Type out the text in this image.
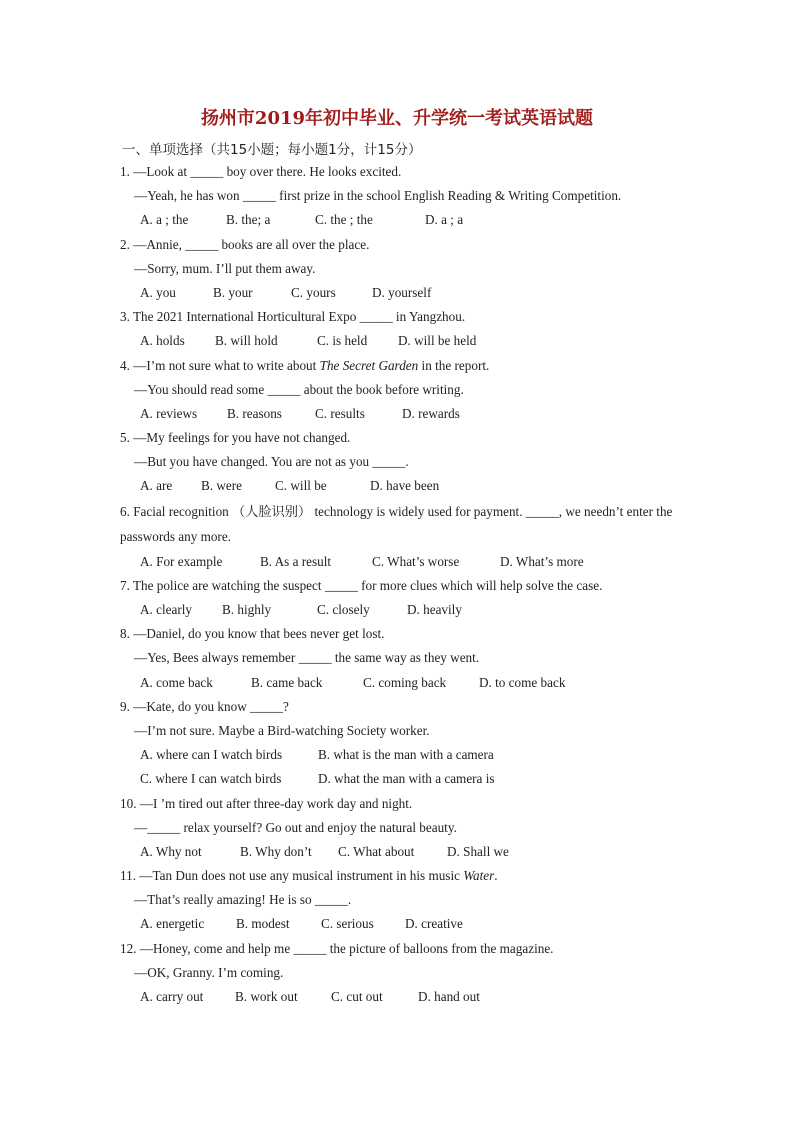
扬州市2019年初中毕业、升学统一考试英语试题
一、单项选择（共15小题；每小题1分，计15分）
1. —Look at _____ boy over there. He looks excited.
—Yeah, he has won _____ first prize in the school English Reading & Writing Competition.
A. a ; the	B. the; a	C. the ; the	D. a ; a
2. —Annie, _____ books are all over the place.
—Sorry, mum. I’ll put them away.
A. you	B. your	C. yours	D. yourself
3. The 2021 International Horticultural Expo _____ in Yangzhou.
A. holds B. will hold	C. is held D. will be held
4. —I’m not sure what to write about The Secret Garden in the report.
—You should read some _____ about the book before writing.
A. reviews B. reasons	C. results	D. rewards
5. —My feelings for you have not changed.
—But you have changed. You are not as you _____.
A. are B. were C. will be	D. have been
6. Facial recognition （人脸识别） technology is widely used for payment. _____, we needn’t enter the passwords any more.
A. For example	B. As a result	C. What’s worse	D. What’s more
7. The police are watching the suspect _____ for more clues which will help solve the case.
A. clearly B. highly	C. closely	D. heavily
8. —Daniel, do you know that bees never get lost.
—Yes, Bees always remember _____ the same way as they went.
A. come back	B. came back	C. coming back D. to come back
9. —Kate, do you know _____?
—I’m not sure. Maybe a Bird-watching Society worker.
A. where can I watch birds	B. what is the man with a camera
C. where I can watch birds	D. what the man with a camera is
10. —I ’m tired out after three-day work day and night.
—_____ relax yourself? Go out and enjoy the natural beauty.
A. Why not	B. Why don’t C. What about D. Shall we
11. —Tan Dun does not use any musical instrument in his music Water.
—That’s really amazing! He is so _____.
A. energetic B. modest C. serious D. creative
12. —Honey, come and help me _____ the picture of balloons from the magazine.
—OK, Granny. I’m coming.
A. carry out B. work out	C. cut out	D. hand out
